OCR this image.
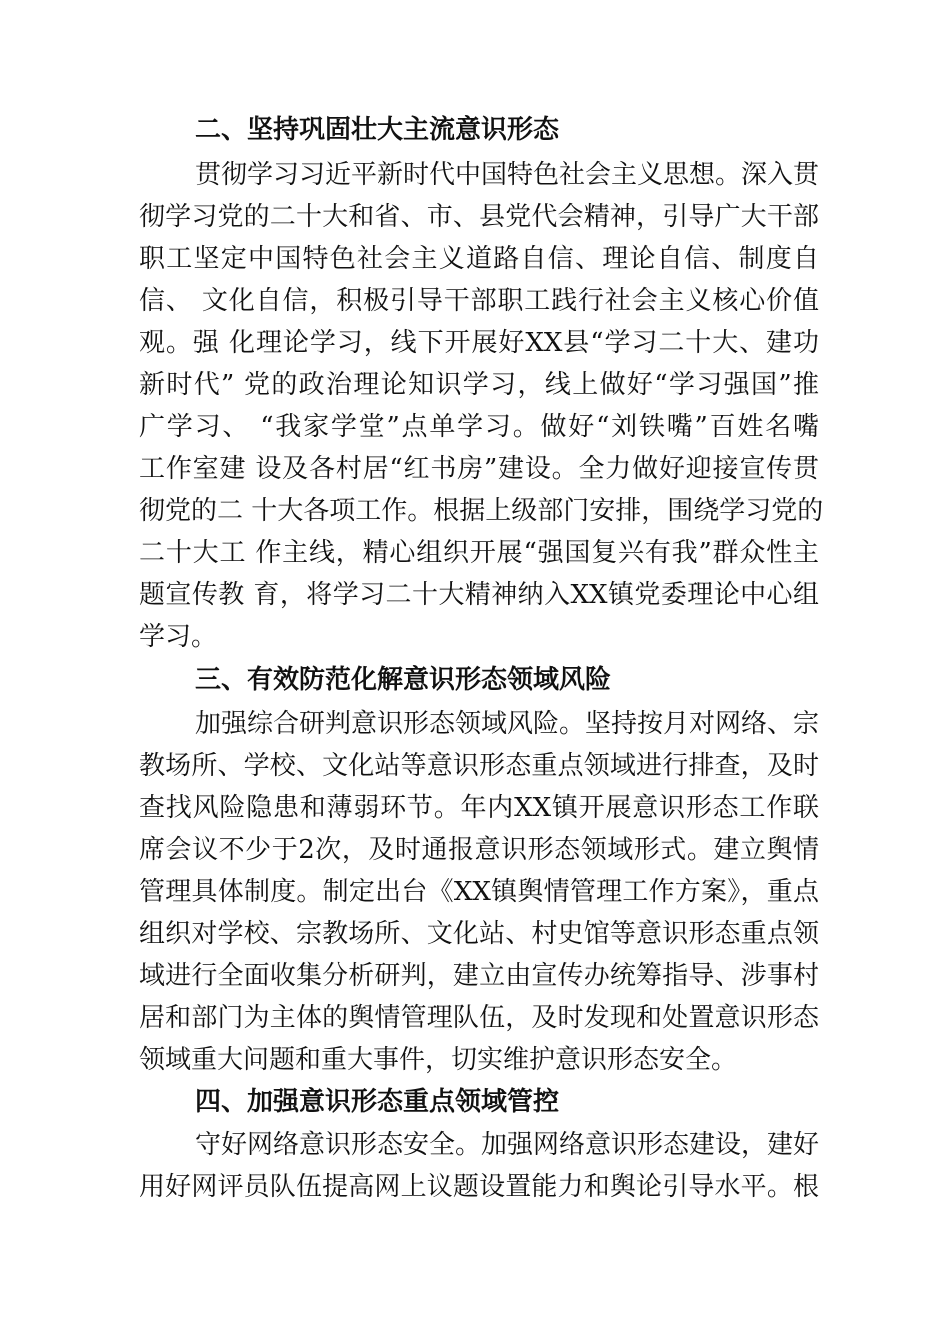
二、坚持巩固壮大主流意识形态
贯彻学习习近平新时代中国特色社会主义思想。深入贯
彻学习党的二十大和省、市、县党代会精神，引导广大干部
职工坚定中国特色社会主义道路自信、理论自信、制度自
信、 文化自信，积极引导干部职工践行社会主义核心价值
观。强 化理论学习，线下开展好XX县“学习二十大、建功
新时代” 党的政治理论知识学习，线上做好“学习强国”推
广学习、 “我家学堂”点单学习。做好“刘铁嘴”百姓名嘴
工作室建 设及各村居“红书房”建设。全力做好迎接宣传贯
彻党的二 十大各项工作。根据上级部门安排，围绕学习党的
二十大工 作主线，精心组织开展“强国复兴有我”群众性主
题宣传教 育，将学习二十大精神纳入XX镇党委理论中心组
学习。
三、有效防范化解意识形态领域风险
加强综合研判意识形态领域风险。坚持按月对网络、宗
教场所、学校、文化站等意识形态重点领域进行排查，及时
查找风险隐患和薄弱环节。年内XX镇开展意识形态工作联
席会议不少于2次，及时通报意识形态领域形式。建立舆情
管理具体制度。制定出台《XX镇舆情管理工作方案》，重点
组织对学校、宗教场所、文化站、村史馆等意识形态重点领
域进行全面收集分析研判，建立由宣传办统筹指导、涉事村
居和部门为主体的舆情管理队伍，及时发现和处置意识形态
领域重大问题和重大事件，切实维护意识形态安全。
四、加强意识形态重点领域管控
守好网络意识形态安全。加强网络意识形态建设，建好
用好网评员队伍提高网上议题设置能力和舆论引导水平。根
